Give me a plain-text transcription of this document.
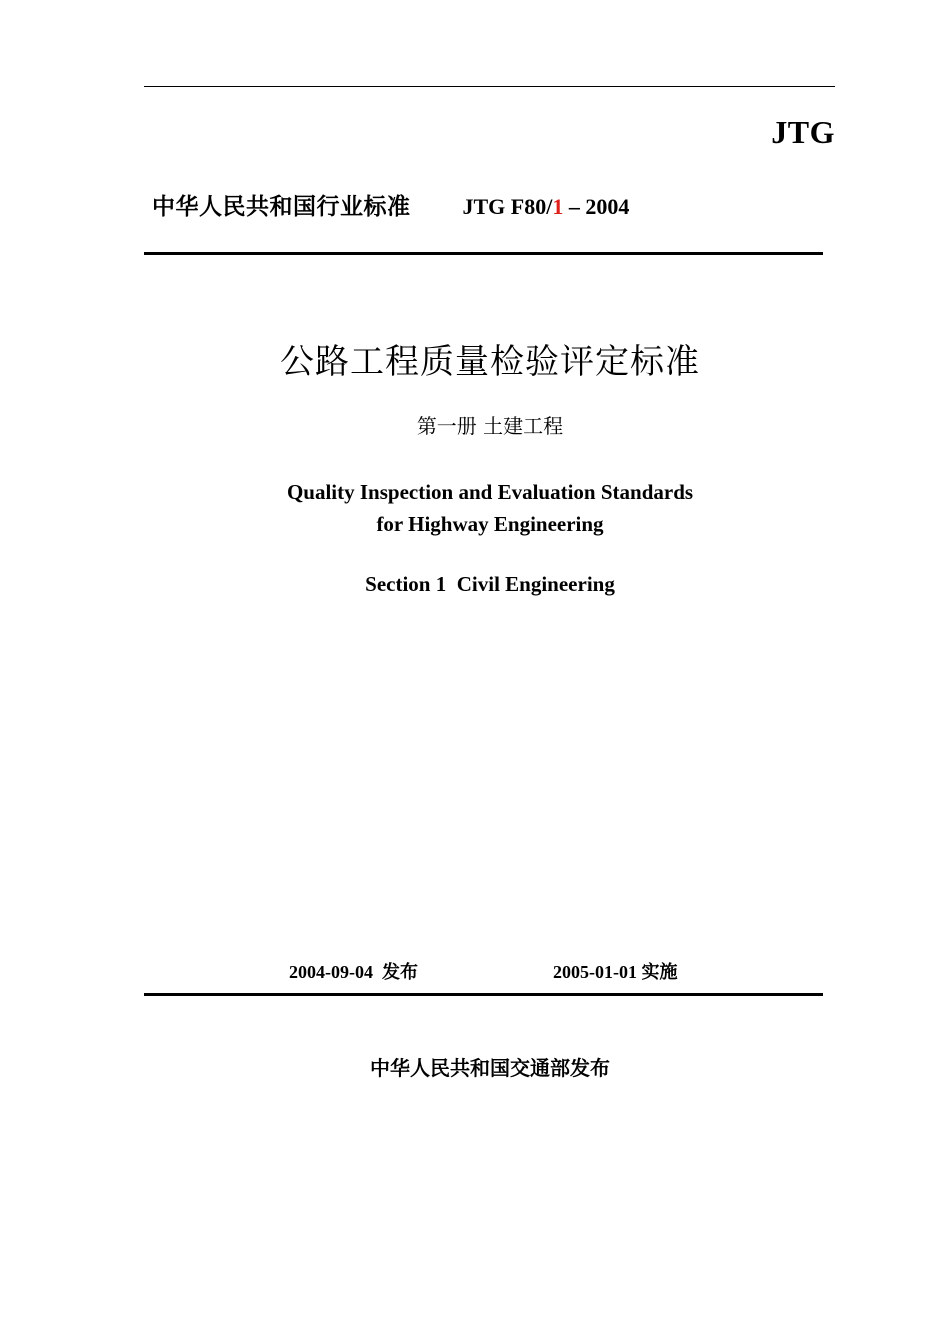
JTG
中华人民共和国行业标准 JTG F80/1 – 2004
公路工程质量检验评定标准
第一册 土建工程
Quality Inspection and Evaluation Standards
for Highway Engineering
Section 1  Civil Engineering
2004-09-04 发布	2005-01-01 实施
中华人民共和国交通部发布
